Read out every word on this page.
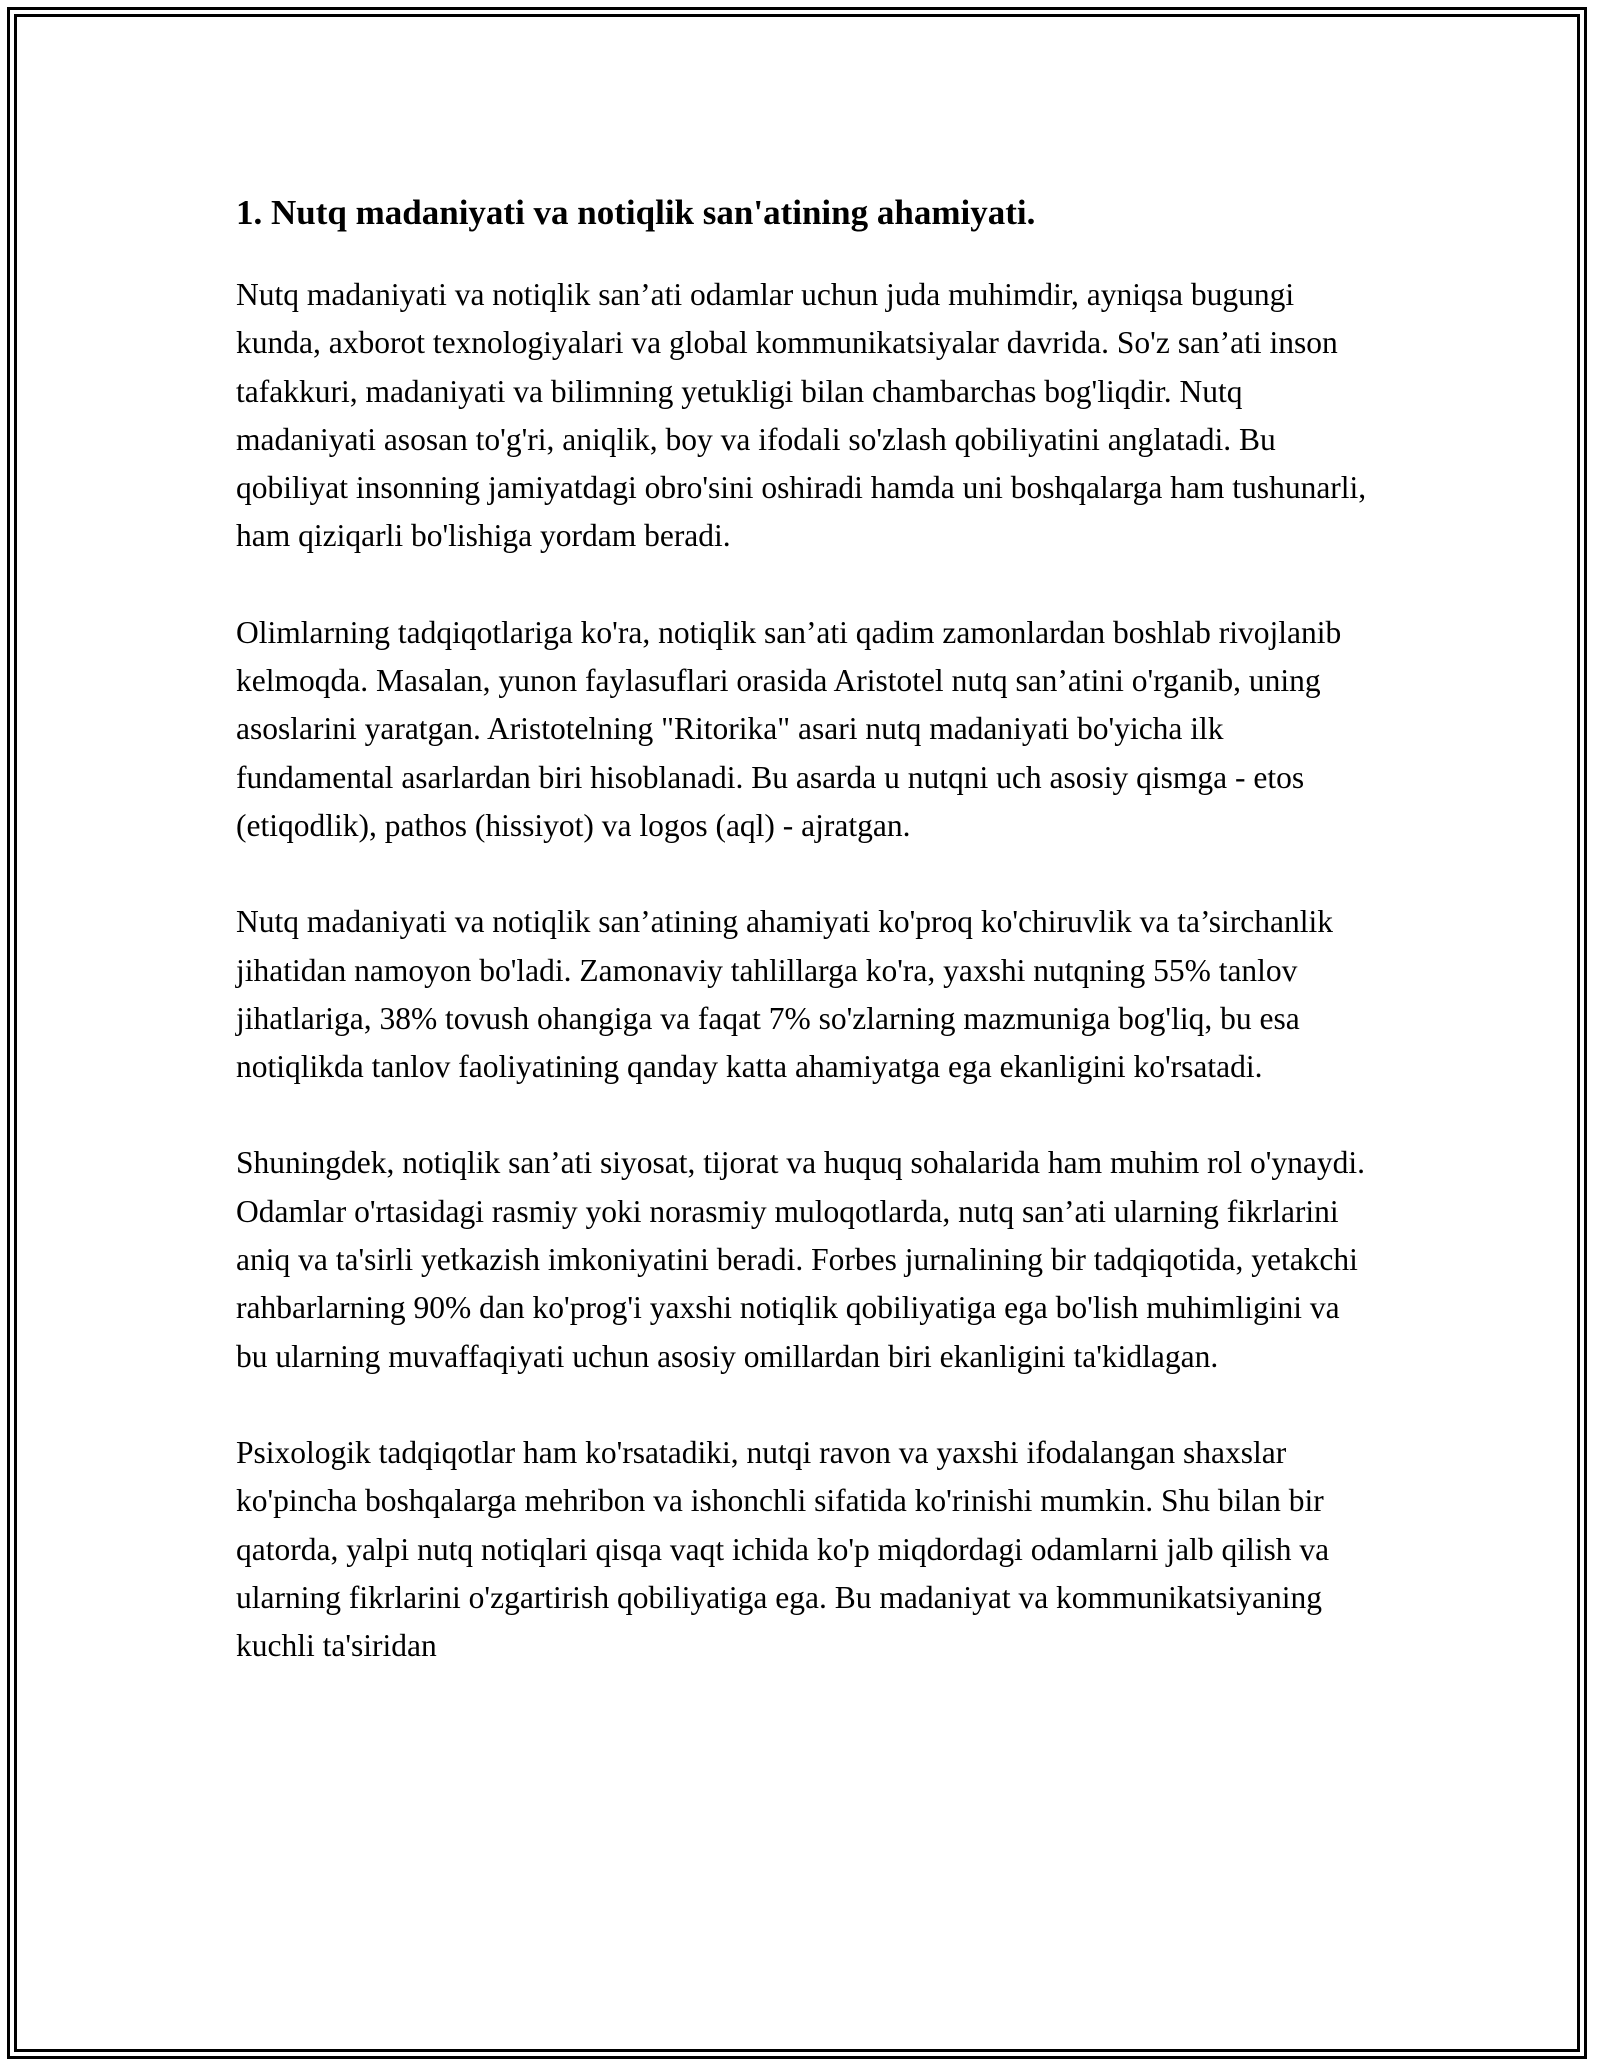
1. Nutq madaniyati va notiqlik san'atining ahamiyati.

Nutq madaniyati va notiqlik san’ati odamlar uchun juda muhimdir, ayniqsa bugungi kunda, axborot texnologiyalari va global kommunikatsiyalar davrida. So'z san’ati inson tafakkuri, madaniyati va bilimning yetukligi bilan chambarchas bog'liqdir. Nutq madaniyati asosan to'g'ri, aniqlik, boy va ifodali so'zlash qobiliyatini anglatadi. Bu qobiliyat insonning jamiyatdagi obro'sini oshiradi hamda uni boshqalarga ham tushunarli, ham qiziqarli bo'lishiga yordam beradi.

Olimlarning tadqiqotlariga ko'ra, notiqlik san’ati qadim zamonlardan boshlab rivojlanib kelmoqda. Masalan, yunon faylasuflari orasida Aristotel nutq san’atini o'rganib, uning asoslarini yaratgan. Aristotelning "Ritorika" asari nutq madaniyati bo'yicha ilk fundamental asarlardan biri hisoblanadi. Bu asarda u nutqni uch asosiy qismga - etos (etiqodlik), pathos (hissiyot) va logos (aql) - ajratgan.

Nutq madaniyati va notiqlik san’atining ahamiyati ko'proq ko'chiruvlik va ta’sirchanlik jihatidan namoyon bo'ladi. Zamonaviy tahlillarga ko'ra, yaxshi nutqning 55% tanlov jihatlariga, 38% tovush ohangiga va faqat 7% so'zlarning mazmuniga bog'liq, bu esa notiqlikda tanlov faoliyatining qanday katta ahamiyatga ega ekanligini ko'rsatadi.

Shuningdek, notiqlik san’ati siyosat, tijorat va huquq sohalarida ham muhim rol o'ynaydi. Odamlar o'rtasidagi rasmiy yoki norasmiy muloqotlarda, nutq san’ati ularning fikrlarini aniq va ta'sirli yetkazish imkoniyatini beradi. Forbes jurnalining bir tadqiqotida, yetakchi rahbarlarning 90% dan ko'prog'i yaxshi notiqlik qobiliyatiga ega bo'lish muhimligini va bu ularning muvaffaqiyati uchun asosiy omillardan biri ekanligini ta'kidlagan.

Psixologik tadqiqotlar ham ko'rsatadiki, nutqi ravon va yaxshi ifodalangan shaxslar ko'pincha boshqalarga mehribon va ishonchli sifatida ko'rinishi mumkin. Shu bilan bir qatorda, yalpi nutq notiqlari qisqa vaqt ichida ko'p miqdordagi odamlarni jalb qilish va ularning fikrlarini o'zgartirish qobiliyatiga ega. Bu madaniyat va kommunikatsiyaning kuchli ta'siridan
